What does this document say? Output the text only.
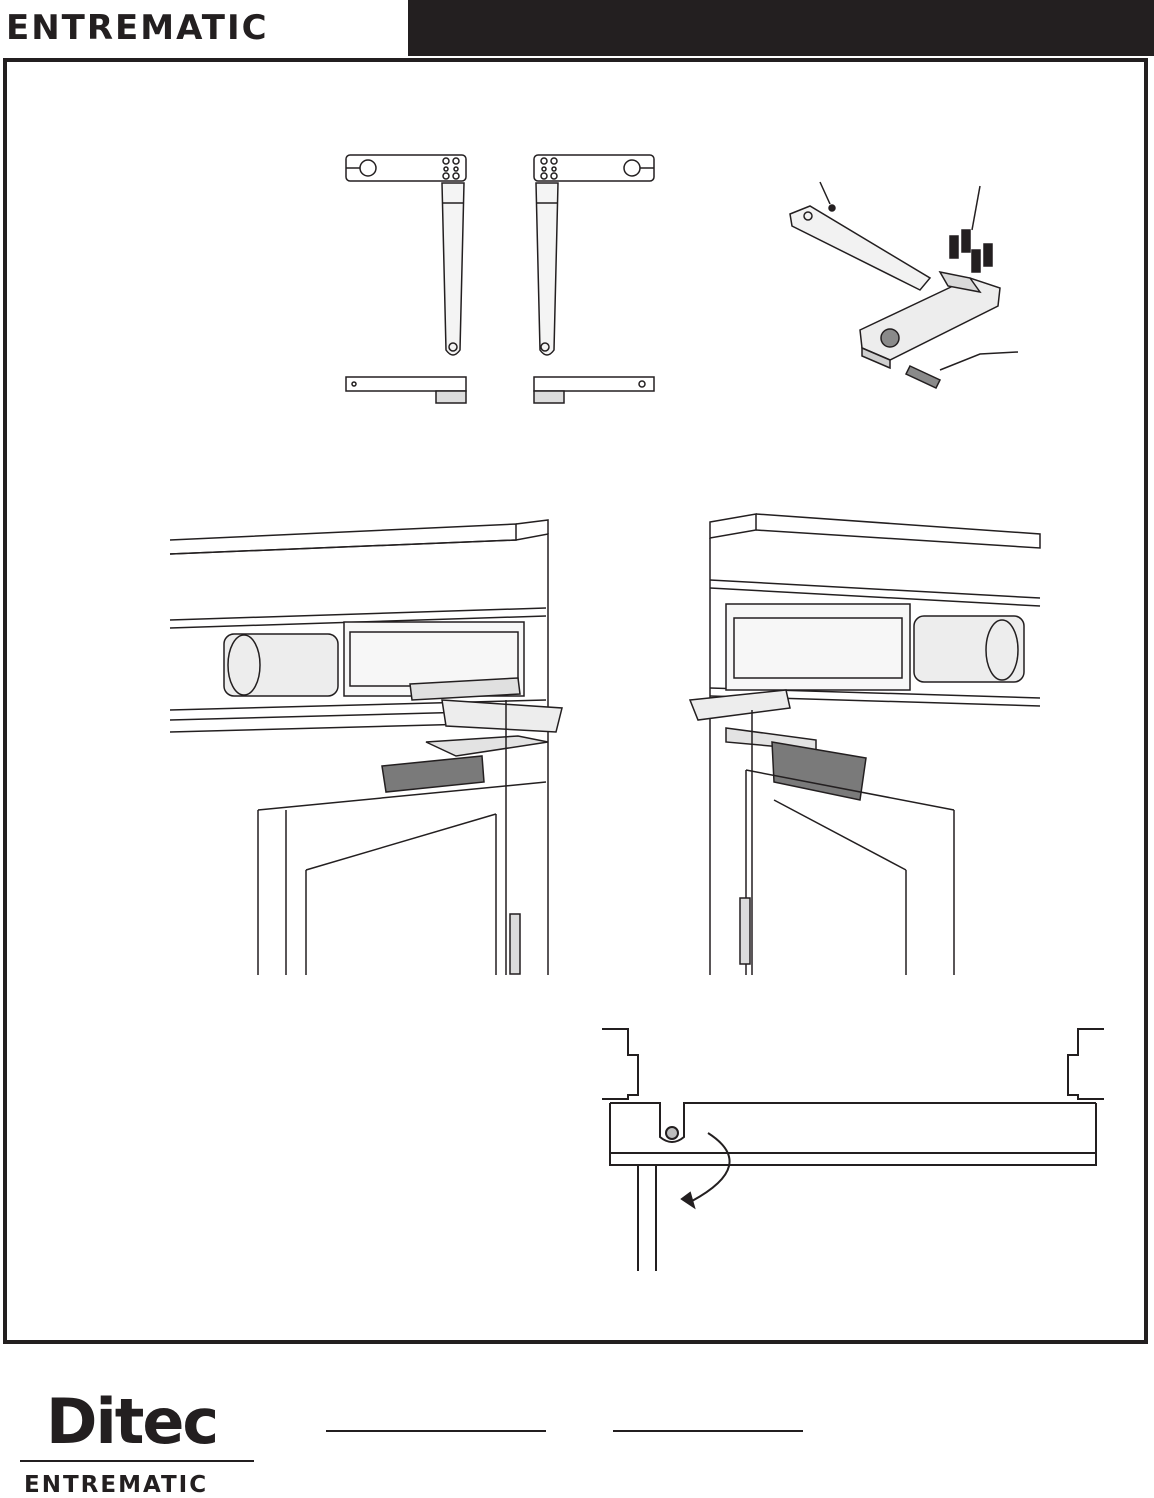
ENTREMATIC
Ditec
ENTREMATIC
